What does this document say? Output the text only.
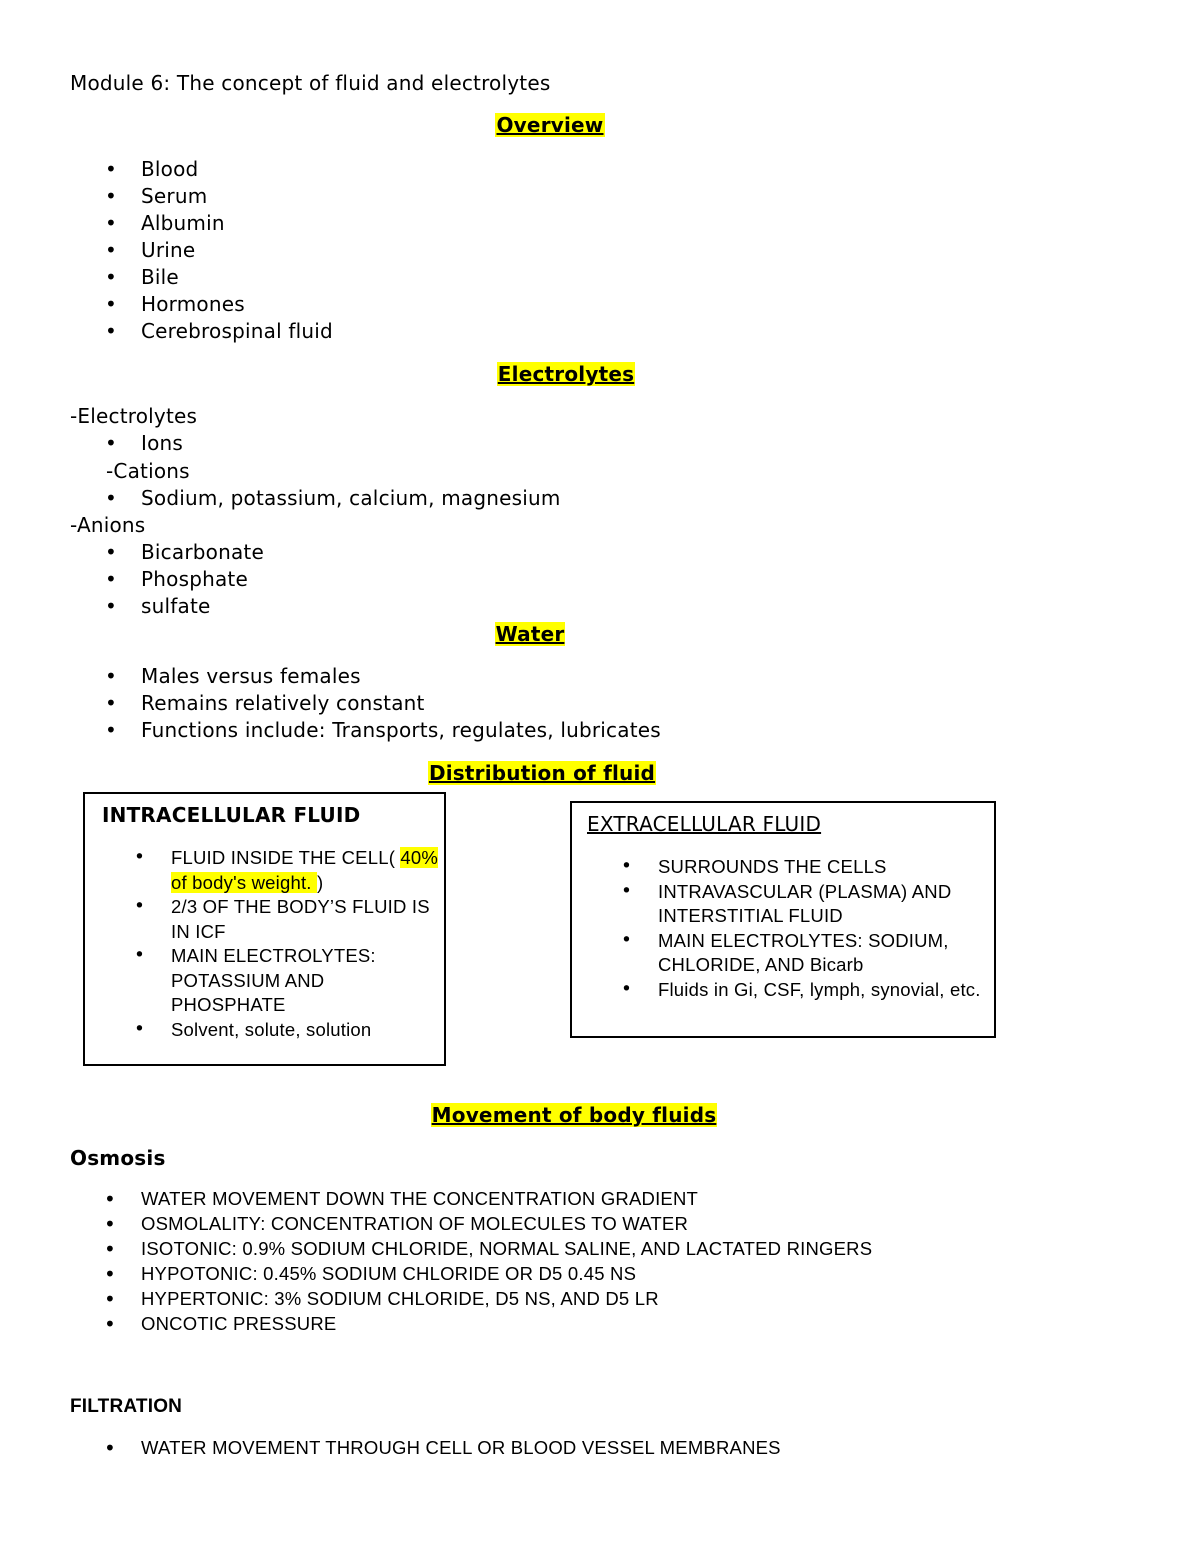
Module 6: The concept of fluid and electrolytes
Overview
• Blood
• Serum
• Albumin
• Urine
• Bile
• Hormones
• Cerebrospinal fluid
Electrolytes
-Electrolytes
• Ions
-Cations
• Sodium, potassium, calcium, magnesium
-Anions
• Bicarbonate
• Phosphate
• sulfate
Water
• Males versus females
• Remains relatively constant
• Functions include: Transports, regulates, lubricates
Distribution of fluid
INTRACELLULAR FLUID
• FLUID INSIDE THE CELL( 40% of body's weight. )
• 2/3 OF THE BODY’S FLUID IS IN ICF
• MAIN ELECTROLYTES: POTASSIUM AND PHOSPHATE
• Solvent, solute, solution
EXTRACELLULAR FLUID
• SURROUNDS THE CELLS
• INTRAVASCULAR (PLASMA) AND INTERSTITIAL FLUID
• MAIN ELECTROLYTES: SODIUM, CHLORIDE, AND Bicarb
• Fluids in Gi, CSF, lymph, synovial, etc.
Movement of body fluids
Osmosis
• WATER MOVEMENT DOWN THE CONCENTRATION GRADIENT
• OSMOLALITY: CONCENTRATION OF MOLECULES TO WATER
• ISOTONIC: 0.9% SODIUM CHLORIDE, NORMAL SALINE, AND LACTATED RINGERS
• HYPOTONIC: 0.45% SODIUM CHLORIDE OR D5 0.45 NS
• HYPERTONIC: 3% SODIUM CHLORIDE, D5 NS, AND D5 LR
• ONCOTIC PRESSURE
FILTRATION
• WATER MOVEMENT THROUGH CELL OR BLOOD VESSEL MEMBRANES
